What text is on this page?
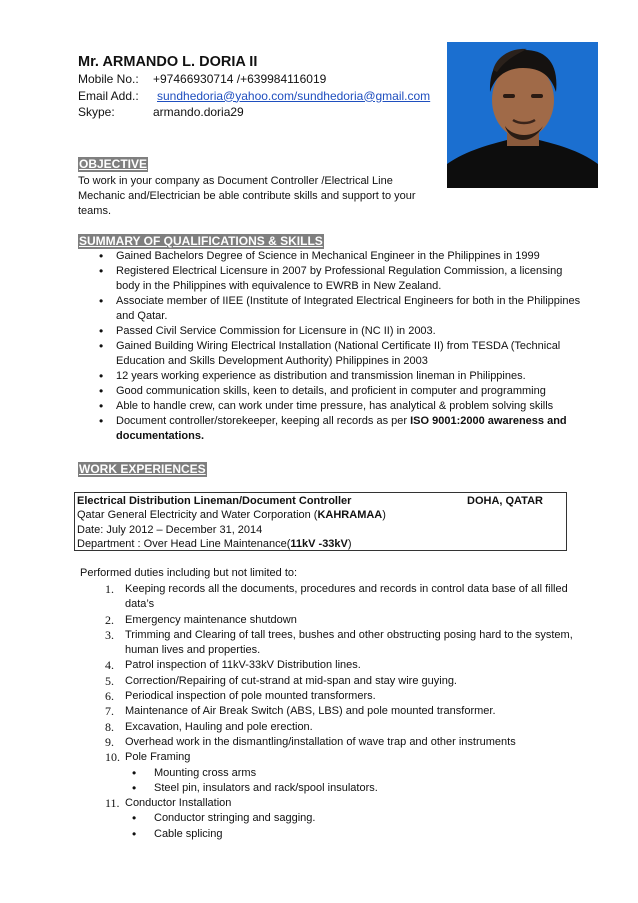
Mr. ARMANDO L. DORIA II
Mobile No.:	+97466930714 /+639984116019
Email Add.:	sundhedoria@yahoo.com/sundhedoria@gmail.com
Skype:	armando.doria29
OBJECTIVE
To work in your company as Document Controller /Electrical Line Mechanic and/Electrician be able contribute skills and support to your teams.
SUMMARY OF QUALIFICATIONS & SKILLS
• Gained Bachelors Degree of Science in Mechanical Engineer in the Philippines in 1999
• Registered Electrical Licensure in 2007 by Professional Regulation Commission, a licensing body in the Philippines with equivalence to EWRB in New Zealand.
• Associate member of IIEE (Institute of Integrated Electrical Engineers for both in the Philippines and Qatar.
• Passed Civil Service Commission for Licensure in (NC II) in 2003.
• Gained Building Wiring Electrical Installation (National Certificate II) from TESDA (Technical Education and Skills Development Authority) Philippines in 2003
• 12 years working experience as distribution and transmission lineman in Philippines.
• Good communication skills, keen to details, and proficient in computer and programming
• Able to handle crew, can work under time pressure, has analytical & problem solving skills
• Document controller/storekeeper, keeping all records as per ISO 9001:2000 awareness and documentations.
WORK EXPERIENCES
Electrical Distribution Lineman/Document Controller	DOHA, QATAR
Qatar General Electricity and Water Corporation (KAHRAMAA)
Date: July 2012 – December 31, 2014
Department : Over Head Line Maintenance(11kV -33kV)
Performed duties including but not limited to:
1. Keeping records all the documents, procedures and records in control data base of all filled data’s
2. Emergency maintenance shutdown
3. Trimming and Clearing of tall trees, bushes and other obstructing posing hard to the system, human lives and properties.
4. Patrol inspection of 11kV-33kV Distribution lines.
5. Correction/Repairing of cut-strand at mid-span and stay wire guying.
6. Periodical inspection of pole mounted transformers.
7. Maintenance of Air Break Switch (ABS, LBS) and pole mounted transformer.
8. Excavation, Hauling and pole erection.
9. Overhead work in the dismantling/installation of wave trap and other instruments
10. Pole Framing
• Mounting cross arms
• Steel pin, insulators and rack/spool insulators.
11. Conductor Installation
• Conductor stringing and sagging.
• Cable splicing
